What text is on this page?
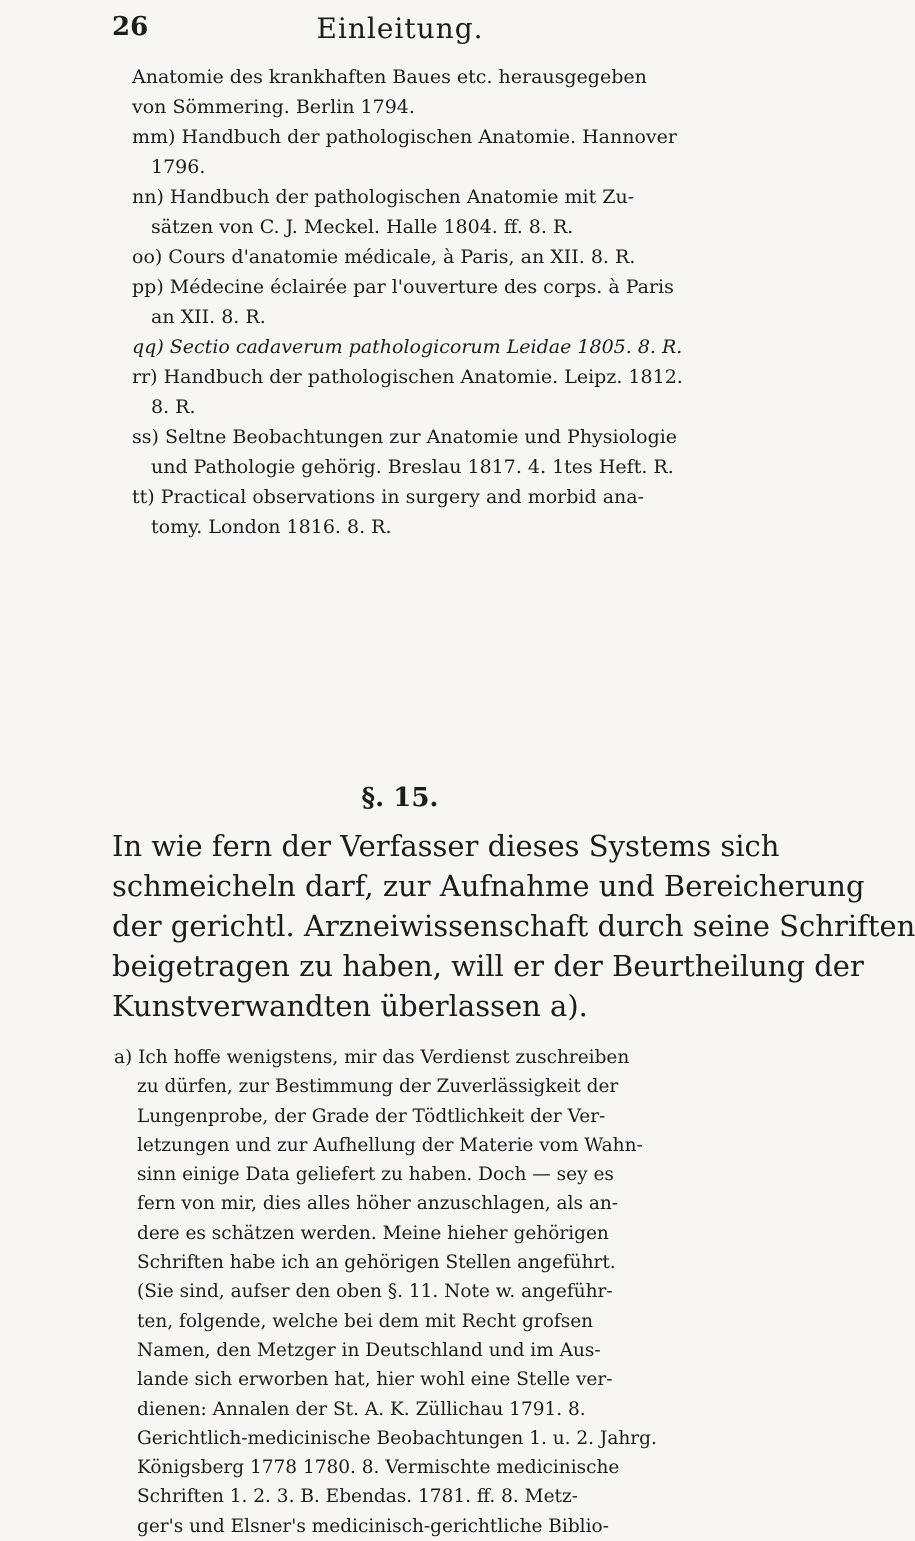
26	Einleitung.

Anatomie des krankhaften Baues etc. herausgegeben
von Sömmering. Berlin 1794.

mm) Handbuch der pathologischen Anatomie. Hannover
1796.

nn) Handbuch der pathologischen Anatomie mit Zu-
sätzen von C. J. Meckel. Halle 1804. ff. 8. R.

oo) Cours d'anatomie médicale, à Paris, an XII. 8. R.

pp) Médecine éclairée par l'ouverture des corps. à Paris
an XII. 8. R.

qq) Sectio cadaverum pathologicorum Leidae 1805. 8. R.

rr) Handbuch der pathologischen Anatomie. Leipz. 1812.
8. R.

ss) Seltne Beobachtungen zur Anatomie und Physiologie
und Pathologie gehörig. Breslau 1817. 4. 1tes Heft. R.

tt) Practical observations in surgery and morbid ana-
tomy. London 1816. 8. R.

§. 15.
In wie fern der Verfasser dieses Systems sich
schmeicheln darf, zur Aufnahme und Bereicherung
der gerichtl. Arzneiwissenschaft durch seine Schriften
beigetragen zu haben, will er der Beurtheilung der
Kunstverwandten überlassen a).
a) Ich hoffe wenigstens, mir das Verdienst zuschreiben
zu dürfen, zur Bestimmung der Zuverlässigkeit der
Lungenprobe, der Grade der Tödtlichkeit der Ver-
letzungen und zur Aufhellung der Materie vom Wahn-
sinn einige Data geliefert zu haben. Doch — sey es
fern von mir, dies alles höher anzuschlagen, als an-
dere es schätzen werden. Meine hieher gehörigen
Schriften habe ich an gehörigen Stellen angeführt.
(Sie sind, aufser den oben §. 11. Note w. angeführ-
ten, folgende, welche bei dem mit Recht grofsen
Namen, den Metzger in Deutschland und im Aus-
lande sich erworben hat, hier wohl eine Stelle ver-
dienen: Annalen der St. A. K. Züllichau 1791. 8.
Gerichtlich-medicinische Beobachtungen 1. u. 2. Jahrg.
Königsberg 1778 1780. 8. Vermischte medicinische
Schriften 1. 2. 3. B. Ebendas. 1781. ff. 8. Metz-
ger's und Elsner's medicinisch-gerichtliche Biblio-
